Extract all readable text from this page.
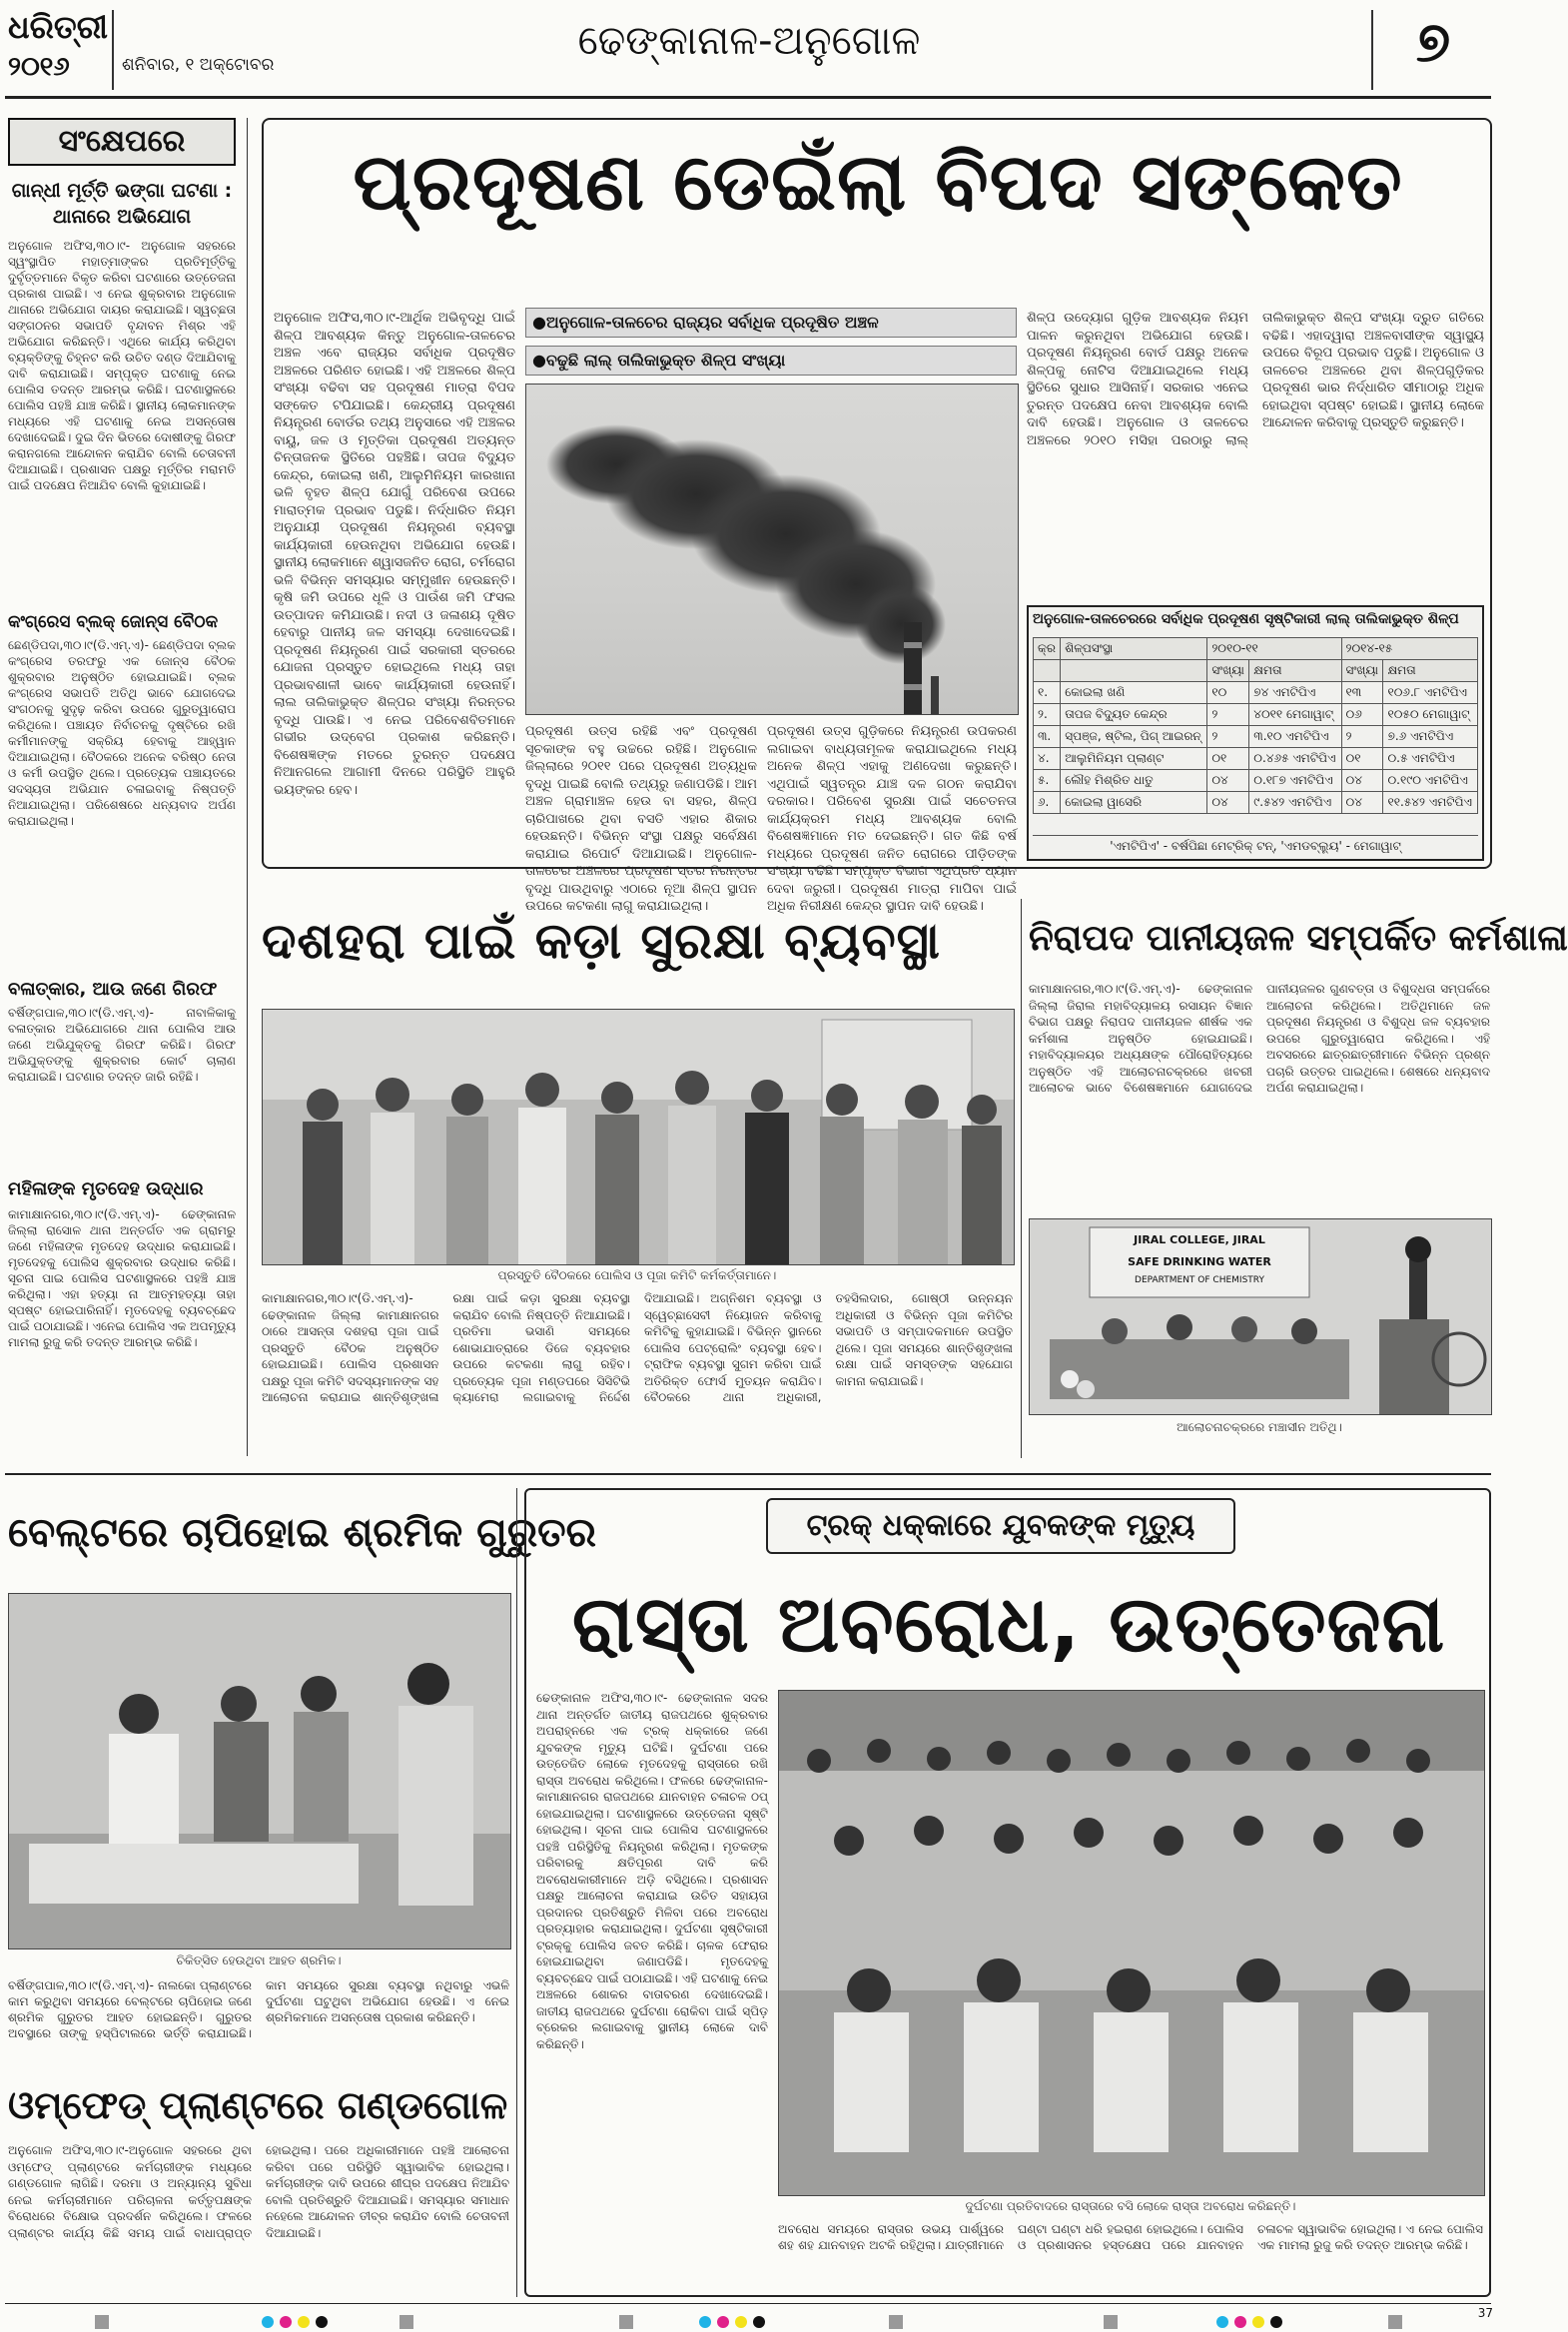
ଧରିତ୍ରୀ
୨୦୧୬	ଶନିବାର, ୧ ଅକ୍ଟୋବର
ଢେଙ୍କାନାଳ-ଅନୁଗୋଳ	୭
ସଂକ୍ଷେପରେ
ଗାନ୍ଧୀ ମୂର୍ତ୍ତି ଭଙ୍ଗା ଘଟଣା : ଥାନାରେ ଅଭିଯୋଗ
ଅନୁଗୋଳ ଅଫିସ,୩୦।୯- ଅନୁଗୋଳ ସହରରେ ସ୍ୱଂସ୍ଥାପିତ ମହାତ୍ମାଙ୍କର ପ୍ରତିମୂର୍ତ୍ତିକୁ ଦୁର୍ବୃତ୍ତମାନେ ବିକୃତ କରିବା ଘଟଣାରେ ଉତ୍ତେଜନା ପ୍ରକାଶ ପାଇଛି। ଏ ନେଇ ଶୁକ୍ରବାର ଅନୁଗୋଳ ଥାନାରେ ଅଭିଯୋଗ ଦାୟର କରାଯାଇଛି। ସ୍ୱଚ୍ଛତା ସଙ୍ଗଠନର ସଭାପତି ବୃନ୍ଦାବନ ମିଶ୍ର ଏହି ଅଭିଯୋଗ କରିଛନ୍ତି। ଏଥିରେ କାର୍ଯ୍ୟ କରିଥିବା ବ୍ୟକ୍ତିଙ୍କୁ ଚିହ୍ନଟ କରି ଉଚିତ ଦଣ୍ଡ ଦିଆଯିବାକୁ ଦାବି କରାଯାଇଛି। ସମ୍ପୃକ୍ତ ଘଟଣାକୁ ନେଇ ପୋଲିସ ତଦନ୍ତ ଆରମ୍ଭ କରିଛି। ଘଟଣାସ୍ଥଳରେ ପୋଲିସ ପହଞ୍ଚି ଯାଞ୍ଚ କରିଛି। ସ୍ଥାନୀୟ ଲୋକମାନଙ୍କ ମଧ୍ୟରେ ଏହି ଘଟଣାକୁ ନେଇ ଅସନ୍ତୋଷ ଦେଖାଦେଇଛି। ଦୁଇ ଦିନ ଭିତରେ ଦୋଷୀଙ୍କୁ ଗିରଫ କରାନଗଲେ ଆନ୍ଦୋଳନ କରାଯିବ ବୋଲି ଚେତାବନୀ ଦିଆଯାଇଛି। ପ୍ରଶାସନ ପକ୍ଷରୁ ମୂର୍ତ୍ତିର ମରାମତି ପାଇଁ ପଦକ୍ଷେପ ନିଆଯିବ ବୋଲି କୁହାଯାଇଛି।
କଂଗ୍ରେସ ବ୍ଲକ୍ ଜୋନ୍ସ ବୈଠକ
ଛେଣ୍ଡିପଦା,୩୦।୯(ଡି.ଏମ୍.ଏ)- ଛେଣ୍ଡିପଦା ବ୍ଲକ କଂଗ୍ରେସ ତରଫରୁ ଏକ ଜୋନ୍ସ ବୈଠକ ଶୁକ୍ରବାର ଅନୁଷ୍ଠିତ ହୋଇଯାଇଛି। ବ୍ଲକ କଂଗ୍ରେସ ସଭାପତି ଅତିଥି ଭାବେ ଯୋଗଦେଇ ସଂଗଠନକୁ ସୁଦୃଢ଼ କରିବା ଉପରେ ଗୁରୁତ୍ୱାରୋପ କରିଥିଲେ। ପଞ୍ଚାୟତ ନିର୍ବାଚନକୁ ଦୃଷ୍ଟିରେ ରଖି କର୍ମୀମାନଙ୍କୁ ସକ୍ରିୟ ହେବାକୁ ଆହ୍ୱାନ ଦିଆଯାଇଥିଲା। ବୈଠକରେ ଅନେକ ବରିଷ୍ଠ ନେତା ଓ କର୍ମୀ ଉପସ୍ଥିତ ଥିଲେ। ପ୍ରତ୍ୟେକ ପଞ୍ଚାୟତରେ ସଦସ୍ୟତା ଅଭିଯାନ ଚଳାଇବାକୁ ନିଷ୍ପତ୍ତି ନିଆଯାଇଥିଲା। ପରିଶେଷରେ ଧନ୍ୟବାଦ ଅର୍ପଣ କରାଯାଇଥିଲା।
ବଳାତ୍କାର, ଆଉ ଜଣେ ଗିରଫ
ବର୍ଷିଙ୍ଗପାଳ,୩୦।୯(ଡି.ଏମ୍.ଏ)- ନାବାଳିକାକୁ ବଳାତ୍କାର ଅଭିଯୋଗରେ ଥାନା ପୋଲିସ ଆଉ ଜଣେ ଅଭିଯୁକ୍ତକୁ ଗିରଫ କରିଛି। ଗିରଫ ଅଭିଯୁକ୍ତଙ୍କୁ ଶୁକ୍ରବାର କୋର୍ଟ ଚାଲାଣ କରାଯାଇଛି। ଘଟଣାର ତଦନ୍ତ ଜାରି ରହିଛି।
ମହିଳାଙ୍କ ମୃତଦେହ ଉଦ୍ଧାର
କାମାକ୍ଷାନଗର,୩୦।୯(ଡି.ଏମ୍.ଏ)- ଢେଙ୍କାନାଳ ଜିଲ୍ଲା ରାସୋଳ ଥାନା ଅନ୍ତର୍ଗତ ଏକ ଗ୍ରାମରୁ ଜଣେ ମହିଳାଙ୍କ ମୃତଦେହ ଉଦ୍ଧାର କରାଯାଇଛି। ମୃତଦେହକୁ ପୋଲିସ ଶୁକ୍ରବାର ଉଦ୍ଧାର କରିଛି। ସୂଚନା ପାଇ ପୋଲିସ ଘଟଣାସ୍ଥଳରେ ପହଞ୍ଚି ଯାଞ୍ଚ କରିଥିଲା। ଏହା ହତ୍ୟା ନା ଆତ୍ମହତ୍ୟା ତାହା ସ୍ପଷ୍ଟ ହୋଇପାରିନାହିଁ। ମୃତଦେହକୁ ବ୍ୟବଚ୍ଛେଦ ପାଇଁ ପଠାଯାଇଛି। ଏନେଇ ପୋଲିସ ଏକ ଅପମୃତ୍ୟୁ ମାମଲା ରୁଜୁ କରି ତଦନ୍ତ ଆରମ୍ଭ କରିଛି।
ପ୍ରଦୂଷଣ ଡେଇଁଲା ବିପଦ ସଙ୍କେତ
ଅନୁଗୋଳ ଅଫିସ,୩୦।୯-ଆର୍ଥିକ ଅଭିବୃଦ୍ଧି ପାଇଁ ଶିଳ୍ପ ଆବଶ୍ୟକ କିନ୍ତୁ ଅନୁଗୋଳ-ତାଳଚେର ଅଞ୍ଚଳ ଏବେ ରାଜ୍ୟର ସର୍ବାଧିକ ପ୍ରଦୂଷିତ ଅଞ୍ଚଳରେ ପରିଣତ ହୋଇଛି। ଏହି ଅଞ୍ଚଳରେ ଶିଳ୍ପ ସଂଖ୍ୟା ବଢିବା ସହ ପ୍ରଦୂଷଣ ମାତ୍ରା ବିପଦ ସଙ୍କେତ ଟପିଯାଇଛି। କେନ୍ଦ୍ରୀୟ ପ୍ରଦୂଷଣ ନିୟନ୍ତ୍ରଣ ବୋର୍ଡର ତଥ୍ୟ ଅନୁସାରେ ଏହି ଅଞ୍ଚଳର ବାୟୁ, ଜଳ ଓ ମୃତ୍ତିକା ପ୍ରଦୂଷଣ ଅତ୍ୟନ୍ତ ଚିନ୍ତାଜନକ ସ୍ଥିତିରେ ପହଞ୍ଚିଛି। ତାପଜ ବିଦ୍ୟୁତ କେନ୍ଦ୍ର, କୋଇଲା ଖଣି, ଆଲୁମିନିୟମ କାରଖାନା ଭଳି ବୃହତ ଶିଳ୍ପ ଯୋଗୁଁ ପରିବେଶ ଉପରେ ମାରାତ୍ମକ ପ୍ରଭାବ ପଡୁଛି। ନିର୍ଦ୍ଧାରିତ ନିୟମ ଅନୁଯାୟୀ ପ୍ରଦୂଷଣ ନିୟନ୍ତ୍ରଣ ବ୍ୟବସ୍ଥା କାର୍ଯ୍ୟକାରୀ ହେଉନଥିବା ଅଭିଯୋଗ ହେଉଛି। ସ୍ଥାନୀୟ ଲୋକମାନେ ଶ୍ୱାସଜନିତ ରୋଗ, ଚର୍ମରୋଗ ଭଳି ବିଭିନ୍ନ ସମସ୍ୟାର ସମ୍ମୁଖୀନ ହେଉଛନ୍ତି। କୃଷି ଜମି ଉପରେ ଧୂଳି ଓ ପାଉଁଶ ଜମି ଫସଲ ଉତ୍ପାଦନ କମିଯାଉଛି। ନଦୀ ଓ ଜଳାଶୟ ଦୂଷିତ ହେବାରୁ ପାନୀୟ ଜଳ ସମସ୍ୟା ଦେଖାଦେଇଛି। ପ୍ରଦୂଷଣ ନିୟନ୍ତ୍ରଣ ପାଇଁ ସରକାରୀ ସ୍ତରରେ ଯୋଜନା ପ୍ରସ୍ତୁତ ହୋଇଥିଲେ ମଧ୍ୟ ତାହା ପ୍ରଭାବଶାଳୀ ଭାବେ କାର୍ଯ୍ୟକାରୀ ହେଉନାହିଁ। ଲାଲ ତାଲିକାଭୁକ୍ତ ଶିଳ୍ପର ସଂଖ୍ୟା ନିରନ୍ତର ବୃଦ୍ଧି ପାଉଛି। ଏ ନେଇ ପରିବେଶବିତମାନେ ଗଭୀର ଉଦ୍‌ବେଗ ପ୍ରକାଶ କରିଛନ୍ତି। ବିଶେଷଜ୍ଞଙ୍କ ମତରେ ତୁରନ୍ତ ପଦକ୍ଷେପ ନିଆନଗଲେ ଆଗାମୀ ଦିନରେ ପରିସ୍ଥିତି ଆହୁରି ଭୟଙ୍କର ହେବ।
●ଅନୁଗୋଳ-ତାଳଚେର ରାଜ୍ୟର ସର୍ବାଧିକ ପ୍ରଦୂଷିତ ଅଞ୍ଚଳ
●ବଢୁଛି ଲାଲ୍ ତାଲିକାଭୁକ୍ତ ଶିଳ୍ପ ସଂଖ୍ୟା
ପ୍ରଦୂଷଣ ଉତ୍ସ ରହିଛି ଏବଂ ପ୍ରଦୂଷଣ ସୂଚକାଙ୍କ ବହୁ ଉଚ୍ଚରେ ରହିଛି। ଅନୁଗୋଳ ଜିଲ୍ଲାରେ ୨୦୧୧ ପରେ ପ୍ରଦୂଷଣ ଅତ୍ୟଧିକ ବୃଦ୍ଧି ପାଇଛି ବୋଲି ତଥ୍ୟରୁ ଜଣାପଡିଛି। ଆମ ଅଞ୍ଚଳ ଗ୍ରାମାଞ୍ଚଳ ହେଉ ବା ସହର, ଶିଳ୍ପ ଚାରିପାଖରେ ଥିବା ବସତି ଏହାର ଶିକାର ହେଉଛନ୍ତି। ବିଭିନ୍ନ ସଂସ୍ଥା ପକ୍ଷରୁ ସର୍ବେକ୍ଷଣ କରାଯାଇ ରିପୋର୍ଟ ଦିଆଯାଇଛି। ଅନୁଗୋଳ-ତାଳଚେର ଅଞ୍ଚଳରେ ପ୍ରଦୂଷଣ ସ୍ତର ନିରନ୍ତର ବୃଦ୍ଧି ପାଉଥିବାରୁ ଏଠାରେ ନୂଆ ଶିଳ୍ପ ସ୍ଥାପନ ଉପରେ କଟକଣା ଲାଗୁ କରାଯାଇଥିଲା।
ପ୍ରଦୂଷଣ ଉତ୍ସ ଗୁଡ଼ିକରେ ନିୟନ୍ତ୍ରଣ ଉପକରଣ ଲଗାଇବା ବାଧ୍ୟତାମୂଳକ କରାଯାଇଥିଲେ ମଧ୍ୟ ଅନେକ ଶିଳ୍ପ ଏହାକୁ ଅଣଦେଖା କରୁଛନ୍ତି। ଏଥିପାଇଁ ସ୍ୱତନ୍ତ୍ର ଯାଞ୍ଚ ଦଳ ଗଠନ କରାଯିବା ଦରକାର। ପରିବେଶ ସୁରକ୍ଷା ପାଇଁ ସଚେତନତା କାର୍ଯ୍ୟକ୍ରମ ମଧ୍ୟ ଆବଶ୍ୟକ ବୋଲି ବିଶେଷଜ୍ଞମାନେ ମତ ଦେଇଛନ୍ତି। ଗତ କିଛି ବର୍ଷ ମଧ୍ୟରେ ପ୍ରଦୂଷଣ ଜନିତ ରୋଗରେ ପୀଡ଼ିତଙ୍କ ସଂଖ୍ୟା ବଢିଛି। ସମ୍ପୃକ୍ତ ବିଭାଗ ଏଥିପ୍ରତି ଧ୍ୟାନ ଦେବା ଜରୁରୀ। ପ୍ରଦୂଷଣ ମାତ୍ରା ମାପିବା ପାଇଁ ଅଧିକ ନିରୀକ୍ଷଣ କେନ୍ଦ୍ର ସ୍ଥାପନ ଦାବି ହେଉଛି।
ଶିଳ୍ପ ଉଦ୍ୟୋଗ ଗୁଡ଼ିକ ଆବଶ୍ୟକ ନିୟମ ପାଳନ କରୁନଥିବା ଅଭିଯୋଗ ହେଉଛି। ପ୍ରଦୂଷଣ ନିୟନ୍ତ୍ରଣ ବୋର୍ଡ ପକ୍ଷରୁ ଅନେକ ଶିଳ୍ପକୁ ନୋଟିସ ଦିଆଯାଇଥିଲେ ମଧ୍ୟ ସ୍ଥିତିରେ ସୁଧାର ଆସିନାହିଁ। ସରକାର ଏନେଇ ତୁରନ୍ତ ପଦକ୍ଷେପ ନେବା ଆବଶ୍ୟକ ବୋଲି ଦାବି ହେଉଛି। ଅନୁଗୋଳ ଓ ତାଳଚେର ଅଞ୍ଚଳରେ ୨୦୧୦ ମସିହା ପରଠାରୁ ଲାଲ୍ ତାଲିକାଭୁକ୍ତ ଶିଳ୍ପ ସଂଖ୍ୟା ଦ୍ରୁତ ଗତିରେ ବଢିଛି। ଏହାଦ୍ୱାରା ଅଞ୍ଚଳବାସୀଙ୍କ ସ୍ୱାସ୍ଥ୍ୟ ଉପରେ ବିରୂପ ପ୍ରଭାବ ପଡୁଛି। ଅନୁଗୋଳ ଓ ତାଳଚେର ଅଞ୍ଚଳରେ ଥିବା ଶିଳ୍ପଗୁଡ଼ିକର ପ୍ରଦୂଷଣ ଭାର ନିର୍ଦ୍ଧାରିତ ସୀମାଠାରୁ ଅଧିକ ହୋଇଥିବା ସ୍ପଷ୍ଟ ହୋଇଛି। ସ୍ଥାନୀୟ ଲୋକେ ଆନ୍ଦୋଳନ କରିବାକୁ ପ୍ରସ୍ତୁତି କରୁଛନ୍ତି।
ଅନୁଗୋଳ-ତାଳଚେରରେ ସର୍ବାଧିକ ପ୍ରଦୂଷଣ ସୃଷ୍ଟିକାରୀ ଲାଲ୍ ତାଲିକାଭୁକ୍ତ ଶିଳ୍ପ
କ୍ର	ଶିଳ୍ପସଂସ୍ଥା	୨୦୧୦-୧୧		୨୦୧୪-୧୫	
		ସଂଖ୍ୟା	କ୍ଷମତା	ସଂଖ୍ୟା	କ୍ଷମତା
୧.	କୋଇଲା ଖଣି	୧୦	୭୪ ଏମଟିପିଏ	୧୩	୧୦୬.୮ ଏମଟିପିଏ
୨.	ତାପଜ ବିଦ୍ୟୁତ କେନ୍ଦ୍ର	୨	୪୦୧୧ ମେଗାୱାଟ୍	୦୬	୧୦୫୦ ମେଗାୱାଟ୍
୩.	ସ୍ପଞ୍ଜ, ଷ୍ଟିଲ, ପିଗ୍ ଆଇରନ୍	୨	୩.୧୦ ଏମଟିପିଏ	୨	୭.୬ ଏମଟିପିଏ
୪.	ଆଲୁମିନିୟମ ପ୍ଲାଣ୍ଟ	୦୧	୦.୪୬୫ ଏମଟିପିଏ	୦୧	୦.୫ ଏମଟିପିଏ
୫.	ଲୌହ ମିଶ୍ରିତ ଧାତୁ	୦୪	୦.୧୮୭ ଏମଟିପିଏ	୦୪	୦.୧୯୦ ଏମଟିପିଏ
୬.	କୋଇଲା ୱାସେରି	୦୪	୯.୫୪୨ ଏମଟିପିଏ	୦୪	୧୧.୫୪୨ ଏମଟିପିଏ
'ଏମଟିପିଏ' - ବର୍ଷପିଛା ମେଟ୍ରିକ୍ ଟନ୍, 'ଏମଡବ୍ଲ୍ୟୁ' - ମେଗାୱାଟ୍
ଦଶହରା ପାଇଁ କଡ଼ା ସୁରକ୍ଷା ବ୍ୟବସ୍ଥା
ପ୍ରସ୍ତୁତି ବୈଠକରେ ପୋଲିସ ଓ ପୂଜା କମିଟି କର୍ମକର୍ତ୍ତାମାନେ।
କାମାକ୍ଷାନଗର,୩୦।୯(ଡି.ଏମ୍.ଏ)- ଢେଙ୍କାନାଳ ଜିଲ୍ଲା କାମାକ୍ଷାନଗର ଠାରେ ଆସନ୍ତା ଦଶହରା ପୂଜା ପାଇଁ ପ୍ରସ୍ତୁତି ବୈଠକ ଅନୁଷ୍ଠିତ ହୋଇଯାଇଛି। ପୋଲିସ ପ୍ରଶାସନ ପକ୍ଷରୁ ପୂଜା କମିଟି ସଦସ୍ୟମାନଙ୍କ ସହ ଆଲୋଚନା କରାଯାଇ ଶାନ୍ତିଶୃଙ୍ଖଳା ରକ୍ଷା ପାଇଁ କଡ଼ା ସୁରକ୍ଷା ବ୍ୟବସ୍ଥା କରାଯିବ ବୋଲି ନିଷ୍ପତ୍ତି ନିଆଯାଇଛି। ପ୍ରତିମା ଭସାଣି ସମୟରେ ଶୋଭାଯାତ୍ରାରେ ଡିଜେ ବ୍ୟବହାର ଉପରେ କଟକଣା ଲାଗୁ ରହିବ। ପ୍ରତ୍ୟେକ ପୂଜା ମଣ୍ଡପରେ ସିସିଟିଭି କ୍ୟାମେରା ଲଗାଇବାକୁ ନିର୍ଦ୍ଦେଶ ଦିଆଯାଇଛି। ଅଗ୍ନିଶମ ବ୍ୟବସ୍ଥା ଓ ସ୍ୱେଚ୍ଛାସେବୀ ନିୟୋଜନ କରିବାକୁ କମିଟିକୁ କୁହାଯାଇଛି। ବିଭିନ୍ନ ସ୍ଥାନରେ ପୋଲିସ ପେଟ୍ରୋଲିଂ ବ୍ୟବସ୍ଥା ହେବ। ଟ୍ରାଫିକ ବ୍ୟବସ୍ଥା ସୁଗମ କରିବା ପାଇଁ ଅତିରିକ୍ତ ଫୋର୍ସ ମୁତୟନ କରାଯିବ। ବୈଠକରେ ଥାନା ଅଧିକାରୀ, ତହସିଲଦାର, ଗୋଷ୍ଠୀ ଉନ୍ନୟନ ଅଧିକାରୀ ଓ ବିଭିନ୍ନ ପୂଜା କମିଟିର ସଭାପତି ଓ ସମ୍ପାଦକମାନେ ଉପସ୍ଥିତ ଥିଲେ। ପୂଜା ସମୟରେ ଶାନ୍ତିଶୃଙ୍ଖଳା ରକ୍ଷା ପାଇଁ ସମସ୍ତଙ୍କ ସହଯୋଗ କାମନା କରାଯାଇଛି।
ନିରାପଦ ପାନୀୟଜଳ ସମ୍ପର୍କିତ କର୍ମଶାଳା
କାମାକ୍ଷାନଗର,୩୦।୯(ଡି.ଏମ୍.ଏ)- ଢେଙ୍କାନାଳ ଜିଲ୍ଲା ଜିରାଲ ମହାବିଦ୍ୟାଳୟ ରସାୟନ ବିଜ୍ଞାନ ବିଭାଗ ପକ୍ଷରୁ ନିରାପଦ ପାନୀୟଜଳ ଶୀର୍ଷକ ଏକ କର୍ମଶାଳା ଅନୁଷ୍ଠିତ ହୋଇଯାଇଛି। ମହାବିଦ୍ୟାଳୟର ଅଧ୍ୟକ୍ଷଙ୍କ ପୌରୋହିତ୍ୟରେ ଅନୁଷ୍ଠିତ ଏହି ଆଲୋଚନାଚକ୍ରରେ ଖବରୀ ଆଲୋଚକ ଭାବେ ବିଶେଷଜ୍ଞମାନେ ଯୋଗଦେଇ ପାନୀୟଜଳର ଗୁଣବତ୍ତା ଓ ବିଶୁଦ୍ଧତା ସମ୍ପର୍କରେ ଆଲୋଚନା କରିଥିଲେ। ଅତିଥିମାନେ ଜଳ ପ୍ରଦୂଷଣ ନିୟନ୍ତ୍ରଣ ଓ ବିଶୁଦ୍ଧ ଜଳ ବ୍ୟବହାର ଉପରେ ଗୁରୁତ୍ୱାରୋପ କରିଥିଲେ। ଏହି ଅବସରରେ ଛାତ୍ରଛାତ୍ରୀମାନେ ବିଭିନ୍ନ ପ୍ରଶ୍ନ ପଚାରି ଉତ୍ତର ପାଇଥିଲେ। ଶେଷରେ ଧନ୍ୟବାଦ ଅର୍ପଣ କରାଯାଇଥିଲା।
JIRAL COLLEGE, JIRAL
SAFE DRINKING WATER
DEPARTMENT OF CHEMISTRY
ଆଲୋଚନାଚକ୍ରରେ ମଞ୍ଚାସୀନ ଅତିଥି।
ବେଲ୍ଟରେ ଚାପିହୋଇ ଶ୍ରମିକ ଗୁରୁତର
ଚିକିତ୍ସିତ ହେଉଥିବା ଆହତ ଶ୍ରମିକ।
ବର୍ଷିଙ୍ଗପାଳ,୩୦।୯(ଡି.ଏମ୍.ଏ)- ନାଲକୋ ପ୍ଲାଣ୍ଟରେ କାମ କରୁଥିବା ସମୟରେ ବେଲ୍ଟରେ ଚାପିହୋଇ ଜଣେ ଶ୍ରମିକ ଗୁରୁତର ଆହତ ହୋଇଛନ୍ତି। ଗୁରୁତର ଅବସ୍ଥାରେ ତାଙ୍କୁ ହସ୍ପିଟାଲରେ ଭର୍ତ୍ତି କରାଯାଇଛି। କାମ ସମୟରେ ସୁରକ୍ଷା ବ୍ୟବସ୍ଥା ନଥିବାରୁ ଏଭଳି ଦୁର୍ଘଟଣା ଘଟୁଥିବା ଅଭିଯୋଗ ହେଉଛି। ଏ ନେଇ ଶ୍ରମିକମାନେ ଅସନ୍ତୋଷ ପ୍ରକାଶ କରିଛନ୍ତି।
ଓମ୍‌ଫେଡ୍ ପ୍ଲାଣ୍ଟରେ ଗଣ୍ଡଗୋଳ
ଅନୁଗୋଳ ଅଫିସ,୩୦।୯-ଅନୁଗୋଳ ସହରରେ ଥିବା ଓମ୍‌ଫେଡ୍ ପ୍ଲାଣ୍ଟରେ କର୍ମଚାରୀଙ୍କ ମଧ୍ୟରେ ଗଣ୍ଡଗୋଳ ଲାଗିଛି। ଦରମା ଓ ଅନ୍ୟାନ୍ୟ ସୁବିଧା ନେଇ କର୍ମଚାରୀମାନେ ପରିଚାଳନା କର୍ତ୍ତୃପକ୍ଷଙ୍କ ବିରୋଧରେ ବିକ୍ଷୋଭ ପ୍ରଦର୍ଶନ କରିଥିଲେ। ଫଳରେ ପ୍ଲାଣ୍ଟର କାର୍ଯ୍ୟ କିଛି ସମୟ ପାଇଁ ବାଧାପ୍ରାପ୍ତ ହୋଇଥିଲା। ପରେ ଅଧିକାରୀମାନେ ପହଞ୍ଚି ଆଲୋଚନା କରିବା ପରେ ପରିସ୍ଥିତି ସ୍ୱାଭାବିକ ହୋଇଥିଲା। କର୍ମଚାରୀଙ୍କ ଦାବି ଉପରେ ଶୀଘ୍ର ପଦକ୍ଷେପ ନିଆଯିବ ବୋଲି ପ୍ରତିଶ୍ରୁତି ଦିଆଯାଇଛି। ସମସ୍ୟାର ସମାଧାନ ନହେଲେ ଆନ୍ଦୋଳନ ତୀବ୍ର କରାଯିବ ବୋଲି ଚେତାବନୀ ଦିଆଯାଇଛି।
ଟ୍ରକ୍ ଧକ୍କାରେ ଯୁବକଙ୍କ ମୃତ୍ୟୁ
ରାସ୍ତା ଅବରୋଧ, ଉତ୍ତେଜନା
ଢେଙ୍କାନାଳ ଅଫିସ,୩୦।୯- ଢେଙ୍କାନାଳ ସଦର ଥାନା ଅନ୍ତର୍ଗତ ଜାତୀୟ ରାଜପଥରେ ଶୁକ୍ରବାର ଅପରାହ୍ନରେ ଏକ ଟ୍ରକ୍ ଧକ୍କାରେ ଜଣେ ଯୁବକଙ୍କ ମୃତ୍ୟୁ ଘଟିଛି। ଦୁର୍ଘଟଣା ପରେ ଉତ୍ତେଜିତ ଲୋକେ ମୃତଦେହକୁ ରାସ୍ତାରେ ରଖି ରାସ୍ତା ଅବରୋଧ କରିଥିଲେ। ଫଳରେ ଢେଙ୍କାନାଳ-କାମାକ୍ଷାନଗର ରାଜପଥରେ ଯାନବାହନ ଚଳାଚଳ ଠପ୍ ହୋଇଯାଇଥିଲା। ଘଟଣାସ୍ଥଳରେ ଉତ୍ତେଜନା ସୃଷ୍ଟି ହୋଇଥିଲା। ସୂଚନା ପାଇ ପୋଲିସ ଘଟଣାସ୍ଥଳରେ ପହଞ୍ଚି ପରିସ୍ଥିତିକୁ ନିୟନ୍ତ୍ରଣ କରିଥିଲା। ମୃତକଙ୍କ ପରିବାରକୁ କ୍ଷତିପୂରଣ ଦାବି କରି ଅବରୋଧକାରୀମାନେ ଅଡ଼ି ବସିଥିଲେ। ପ୍ରଶାସନ ପକ୍ଷରୁ ଆଲୋଚନା କରାଯାଇ ଉଚିତ ସହାୟତା ପ୍ରଦାନର ପ୍ରତିଶ୍ରୁତି ମିଳିବା ପରେ ଅବରୋଧ ପ୍ରତ୍ୟାହାର କରାଯାଇଥିଲା। ଦୁର୍ଘଟଣା ସୃଷ୍ଟିକାରୀ ଟ୍ରକ୍‌କୁ ପୋଲିସ ଜବତ କରିଛି। ଚାଳକ ଫେରାର ହୋଇଯାଇଥିବା ଜଣାପଡିଛି। ମୃତଦେହକୁ ବ୍ୟବଚ୍ଛେଦ ପାଇଁ ପଠାଯାଇଛି। ଏହି ଘଟଣାକୁ ନେଇ ଅଞ୍ଚଳରେ ଶୋକର ବାତାବରଣ ଦେଖାଦେଇଛି। ଜାତୀୟ ରାଜପଥରେ ଦୁର୍ଘଟଣା ରୋକିବା ପାଇଁ ସ୍ପିଡ଼ ବ୍ରେକର ଲଗାଇବାକୁ ସ୍ଥାନୀୟ ଲୋକେ ଦାବି କରିଛନ୍ତି।
ଦୁର୍ଘଟଣା ପ୍ରତିବାଦରେ ରାସ୍ତାରେ ବସି ଲୋକେ ରାସ୍ତା ଅବରୋଧ କରିଛନ୍ତି।
ଅବରୋଧ ସମୟରେ ରାସ୍ତାର ଉଭୟ ପାର୍ଶ୍ୱରେ ଶହ ଶହ ଯାନବାହନ ଅଟକି ରହିଥିଲା। ଯାତ୍ରୀମାନେ ଘଣ୍ଟା ଘଣ୍ଟା ଧରି ହଇରାଣ ହୋଇଥିଲେ। ପୋଲିସ ଓ ପ୍ରଶାସନର ହସ୍ତକ୍ଷେପ ପରେ ଯାନବାହନ ଚଳାଚଳ ସ୍ୱାଭାବିକ ହୋଇଥିଲା। ଏ ନେଇ ପୋଲିସ ଏକ ମାମଲା ରୁଜୁ କରି ତଦନ୍ତ ଆରମ୍ଭ କରିଛି।
37
